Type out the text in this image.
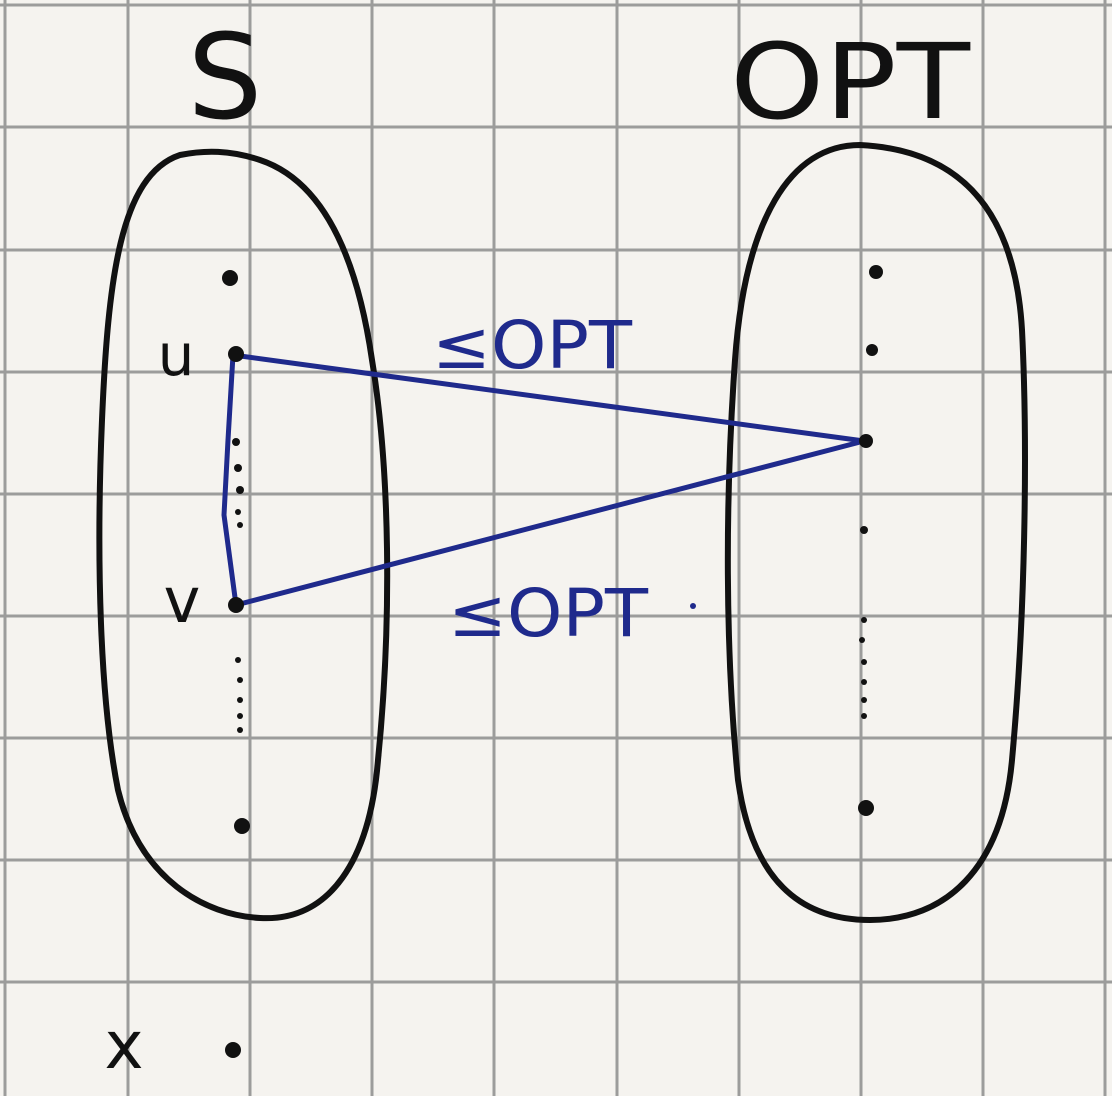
S	OPT
u
v
x
≤OPT
≤OPT
